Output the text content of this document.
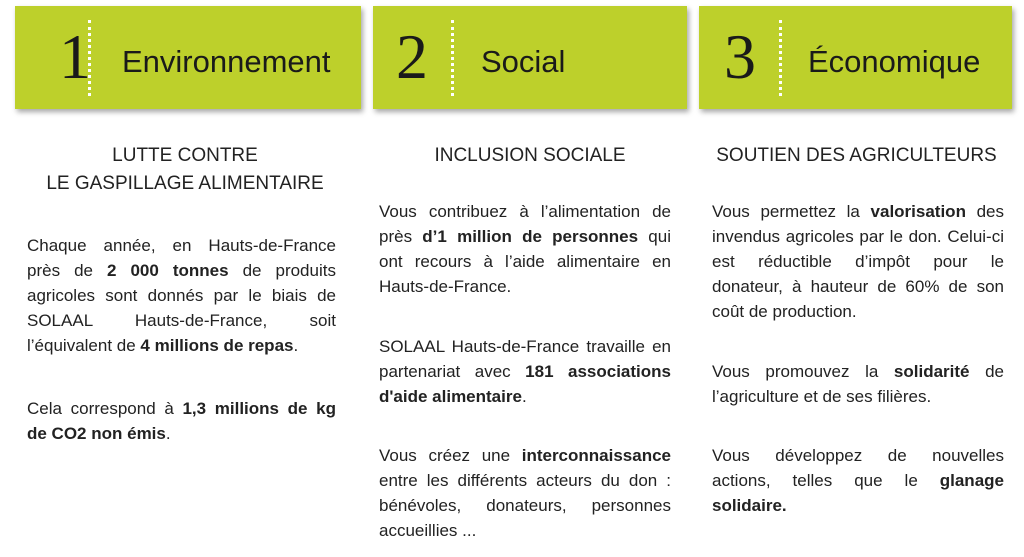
1	Environnement 2	Social 3	Économique
LUTTE CONTRE
LE GASPILLAGE ALIMENTAIRE
Chaque année, en Hauts-de-France près de 2 000 tonnes de produits agricoles sont donnés par le biais de SOLAAL Hauts-de-France, soit l’équivalent de 4 millions de repas.
Cela correspond à 1,3 millions de kg de CO2 non émis.
INCLUSION SOCIALE
Vous contribuez à l’alimentation de près d’1 million de personnes qui ont recours à l’aide alimentaire en Hauts-de-France.
SOLAAL Hauts-de-France travaille en partenariat avec 181 associations d'aide alimentaire.
Vous créez une interconnaissance entre les différents acteurs du don : bénévoles, donateurs, personnes accueillies ...
SOUTIEN DES AGRICULTEURS
Vous permettez la valorisation des invendus agricoles par le don. Celui-ci est réductible d’impôt pour le donateur, à hauteur de 60% de son coût de production.
Vous promouvez la solidarité de l’agriculture et de ses filières.
Vous développez de nouvelles actions, telles que le glanage solidaire.
